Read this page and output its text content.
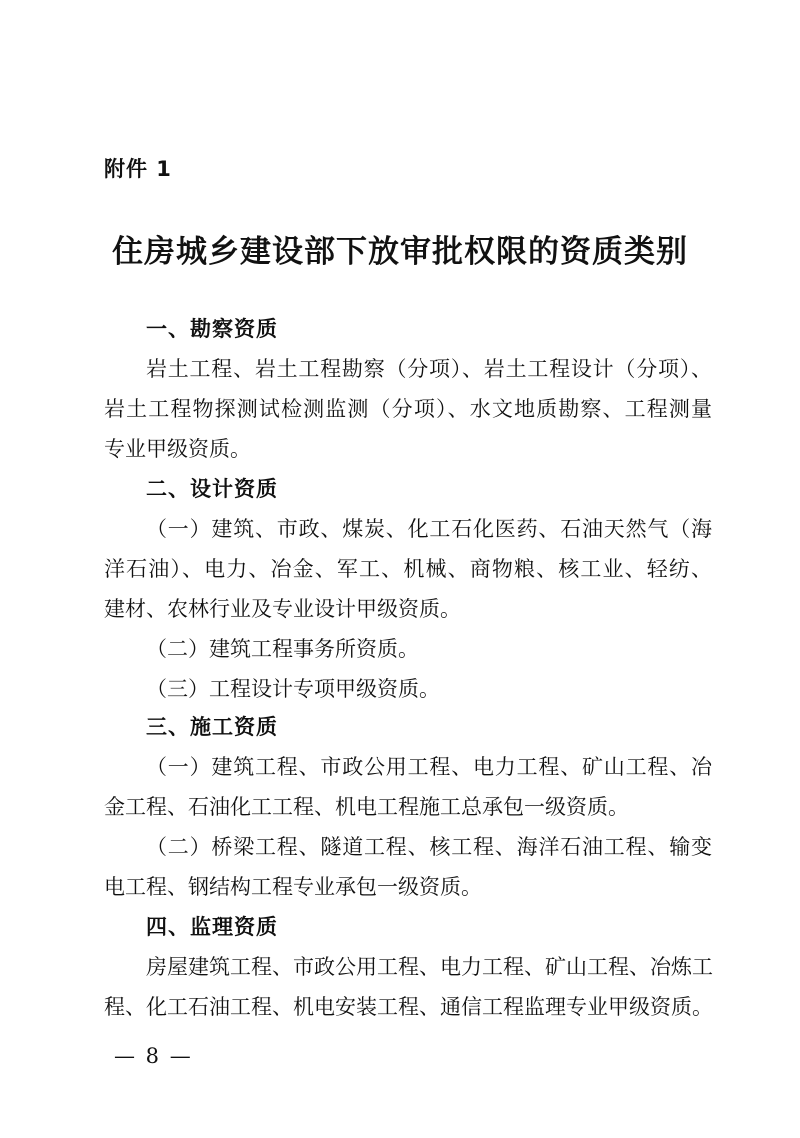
附件 1
住房城乡建设部下放审批权限的资质类别
一、勘察资质
岩土工程、岩土工程勘察（分项）、岩土工程设计（分项）、
岩土工程物探测试检测监测（分项）、水文地质勘察、工程测量
专业甲级资质。
二、设计资质
（一）建筑、市政、煤炭、化工石化医药、石油天然气（海
洋石油）、电力、冶金、军工、机械、商物粮、核工业、轻纺、
建材、农林行业及专业设计甲级资质。
（二）建筑工程事务所资质。
（三）工程设计专项甲级资质。
三、施工资质
（一）建筑工程、市政公用工程、电力工程、矿山工程、冶
金工程、石油化工工程、机电工程施工总承包一级资质。
（二）桥梁工程、隧道工程、核工程、海洋石油工程、输变
电工程、钢结构工程专业承包一级资质。
四、监理资质
房屋建筑工程、市政公用工程、电力工程、矿山工程、冶炼工
程、化工石油工程、机电安装工程、通信工程监理专业甲级资质。
— 8 —
